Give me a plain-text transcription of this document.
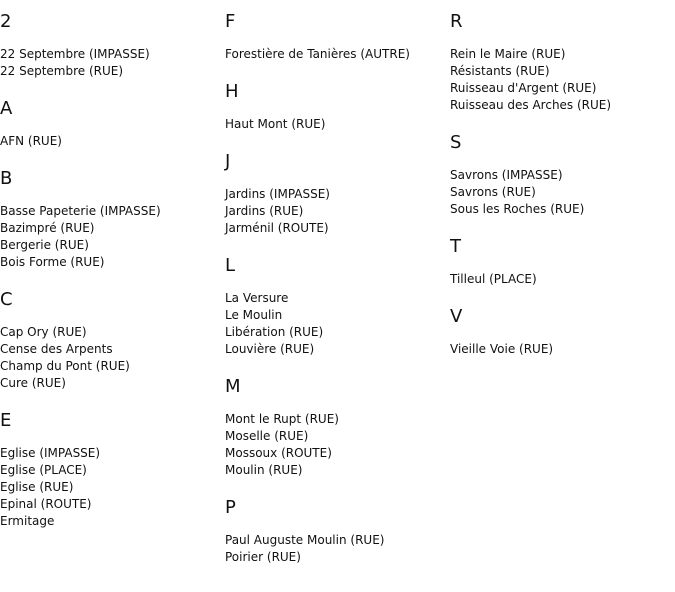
2
22 Septembre (IMPASSE)
22 Septembre (RUE)
A
AFN (RUE)
B
Basse Papeterie (IMPASSE)
Bazimpré (RUE)
Bergerie (RUE)
Bois Forme (RUE)
C
Cap Ory (RUE)
Cense des Arpents
Champ du Pont (RUE)
Cure (RUE)
E
Eglise (IMPASSE)
Eglise (PLACE)
Eglise (RUE)
Epinal (ROUTE)
Ermitage
F
Forestière de Tanières (AUTRE)
H
Haut Mont (RUE)
J
Jardins (IMPASSE)
Jardins (RUE)
Jarménil (ROUTE)
L
La Versure
Le Moulin
Libération (RUE)
Louvière (RUE)
M
Mont le Rupt (RUE)
Moselle (RUE)
Mossoux (ROUTE)
Moulin (RUE)
P
Paul Auguste Moulin (RUE)
Poirier (RUE)
R
Rein le Maire (RUE)
Résistants (RUE)
Ruisseau d'Argent (RUE)
Ruisseau des Arches (RUE)
S
Savrons (IMPASSE)
Savrons (RUE)
Sous les Roches (RUE)
T
Tilleul (PLACE)
V
Vieille Voie (RUE)
